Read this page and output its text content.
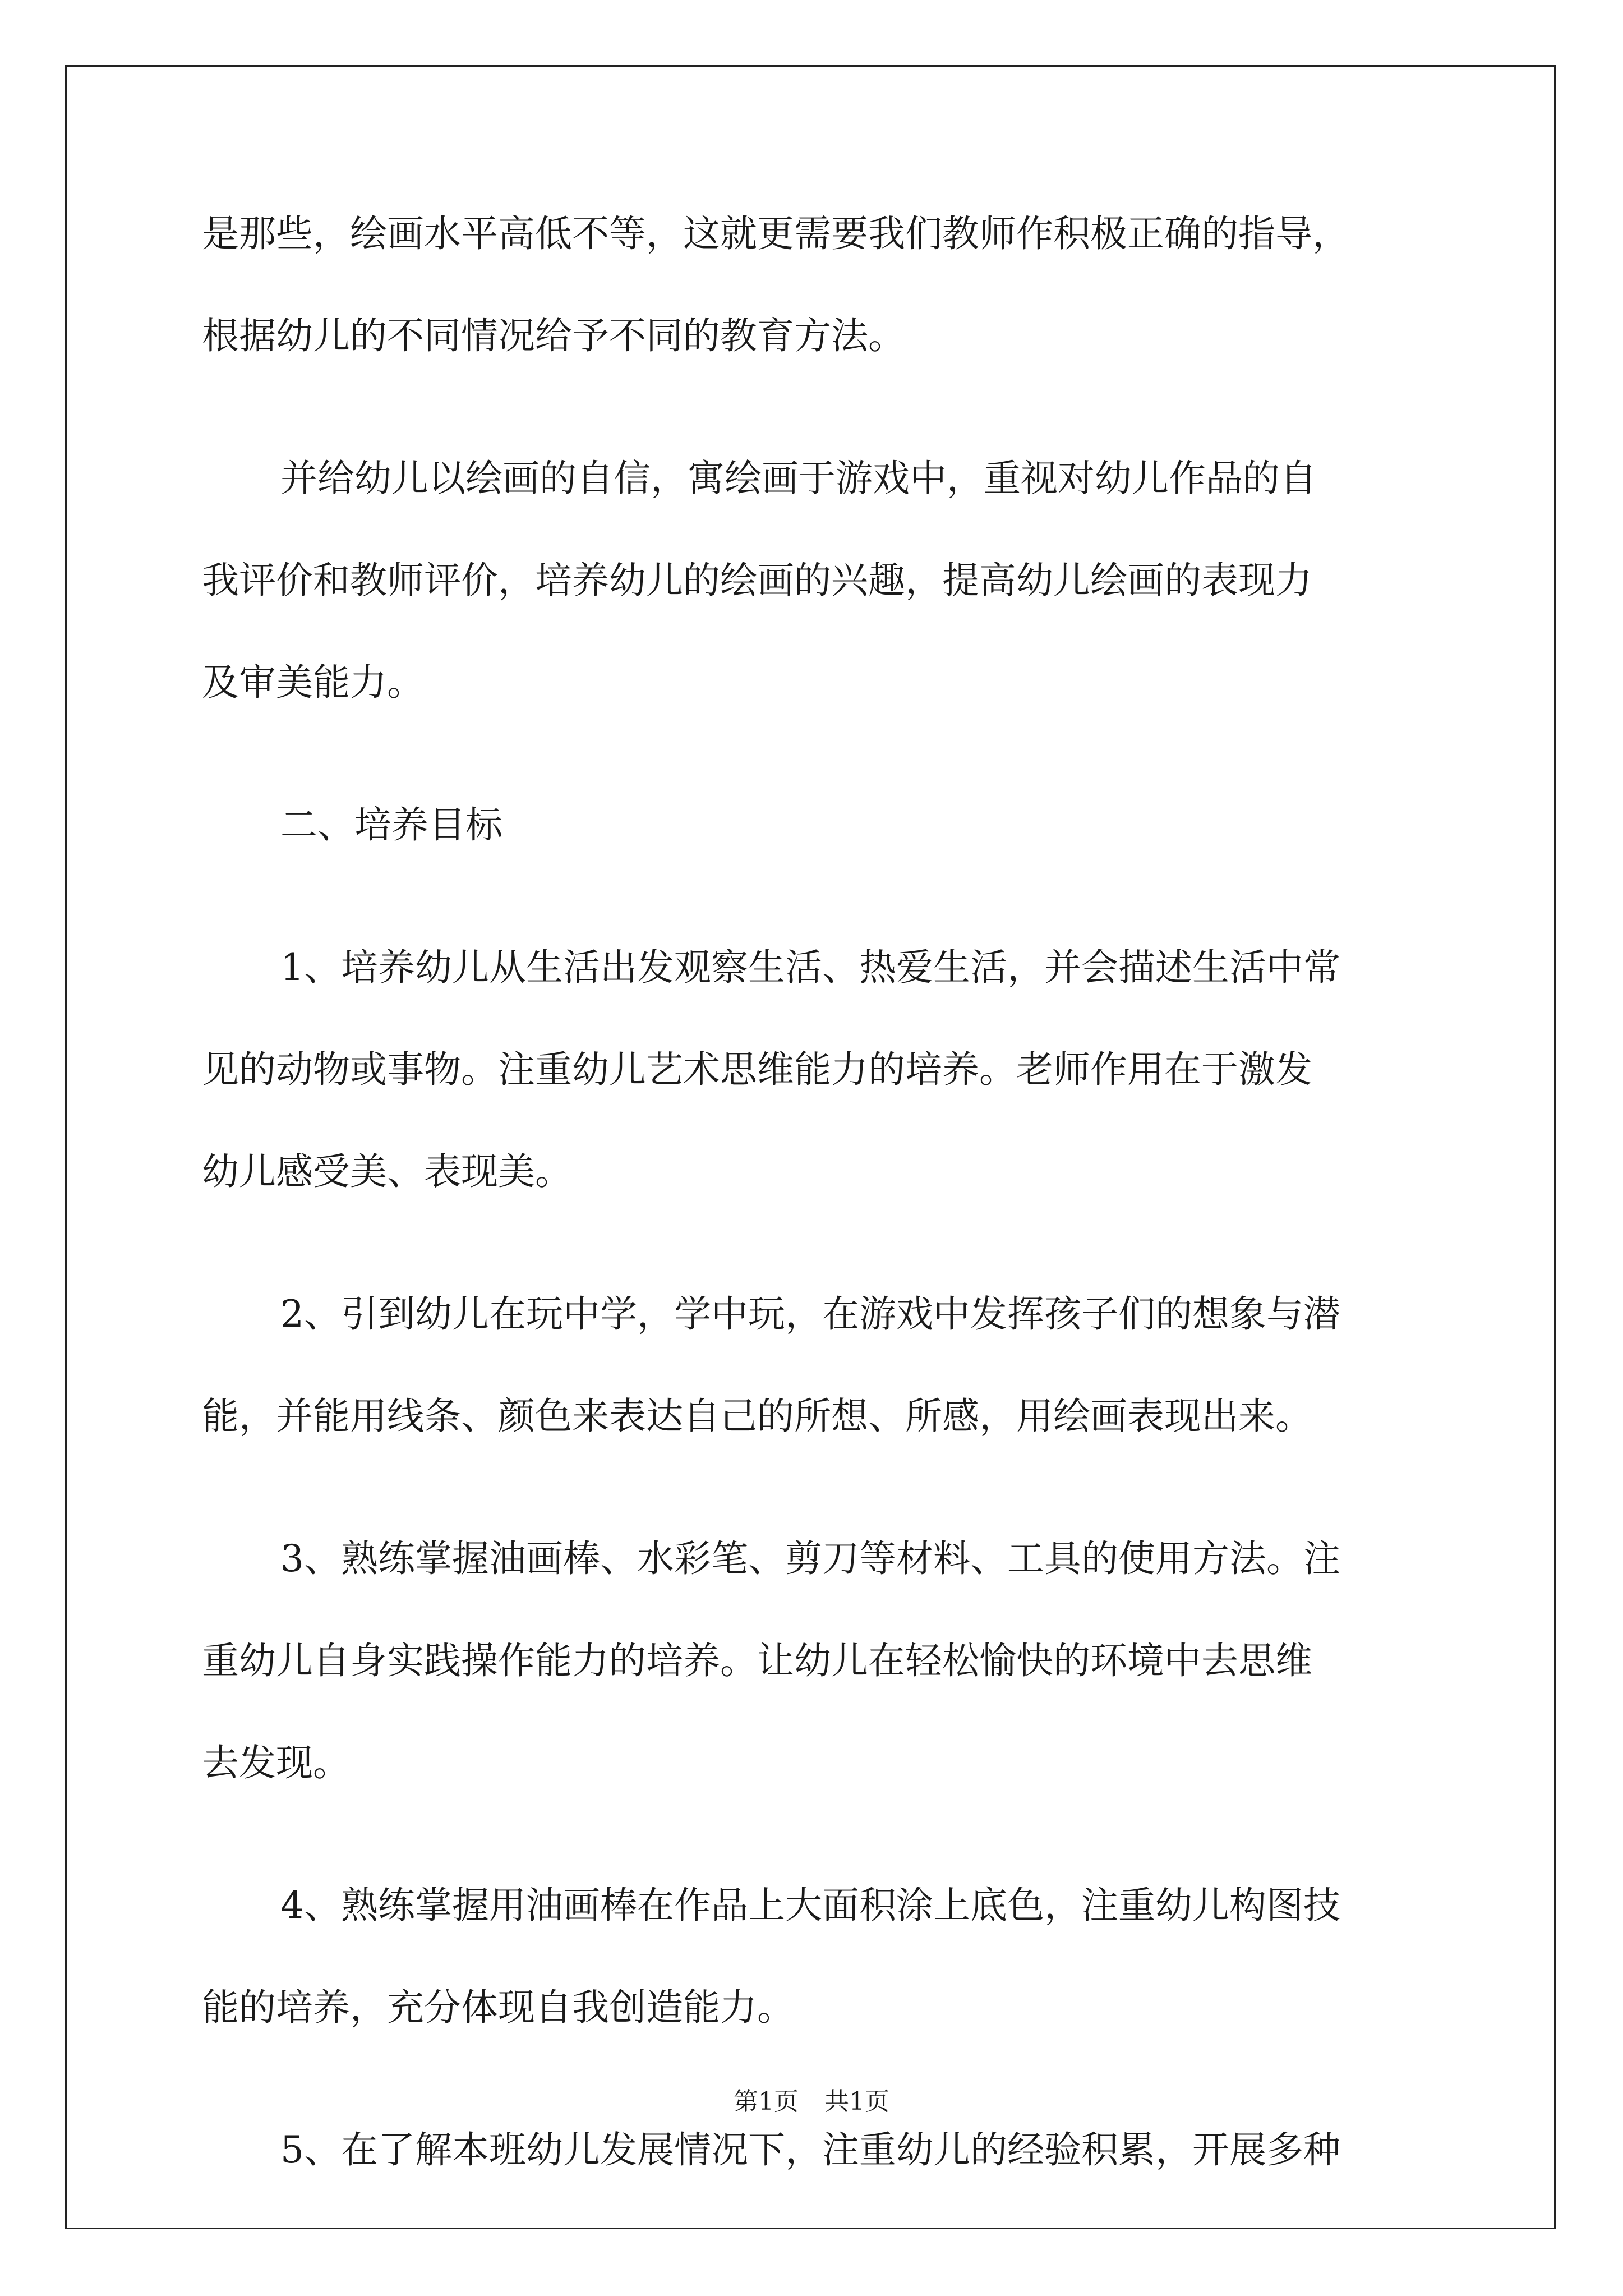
是那些，绘画水平高低不等，这就更需要我们教师作积极正确的指导，
根据幼儿的不同情况给予不同的教育方法。
并给幼儿以绘画的自信，寓绘画于游戏中，重视对幼儿作品的自
我评价和教师评价，培养幼儿的绘画的兴趣，提高幼儿绘画的表现力
及审美能力。
二、培养目标
1、培养幼儿从生活出发观察生活、热爱生活，并会描述生活中常
见的动物或事物。注重幼儿艺术思维能力的培养。老师作用在于激发
幼儿感受美、表现美。
2、引到幼儿在玩中学，学中玩，在游戏中发挥孩子们的想象与潜
能，并能用线条、颜色来表达自己的所想、所感，用绘画表现出来。
3、熟练掌握油画棒、水彩笔、剪刀等材料、工具的使用方法。注
重幼儿自身实践操作能力的培养。让幼儿在轻松愉快的环境中去思维
去发现。
4、熟练掌握用油画棒在作品上大面积涂上底色，注重幼儿构图技
能的培养，充分体现自我创造能力。
5、在了解本班幼儿发展情况下，注重幼儿的经验积累，开展多种
第1页 共1页
